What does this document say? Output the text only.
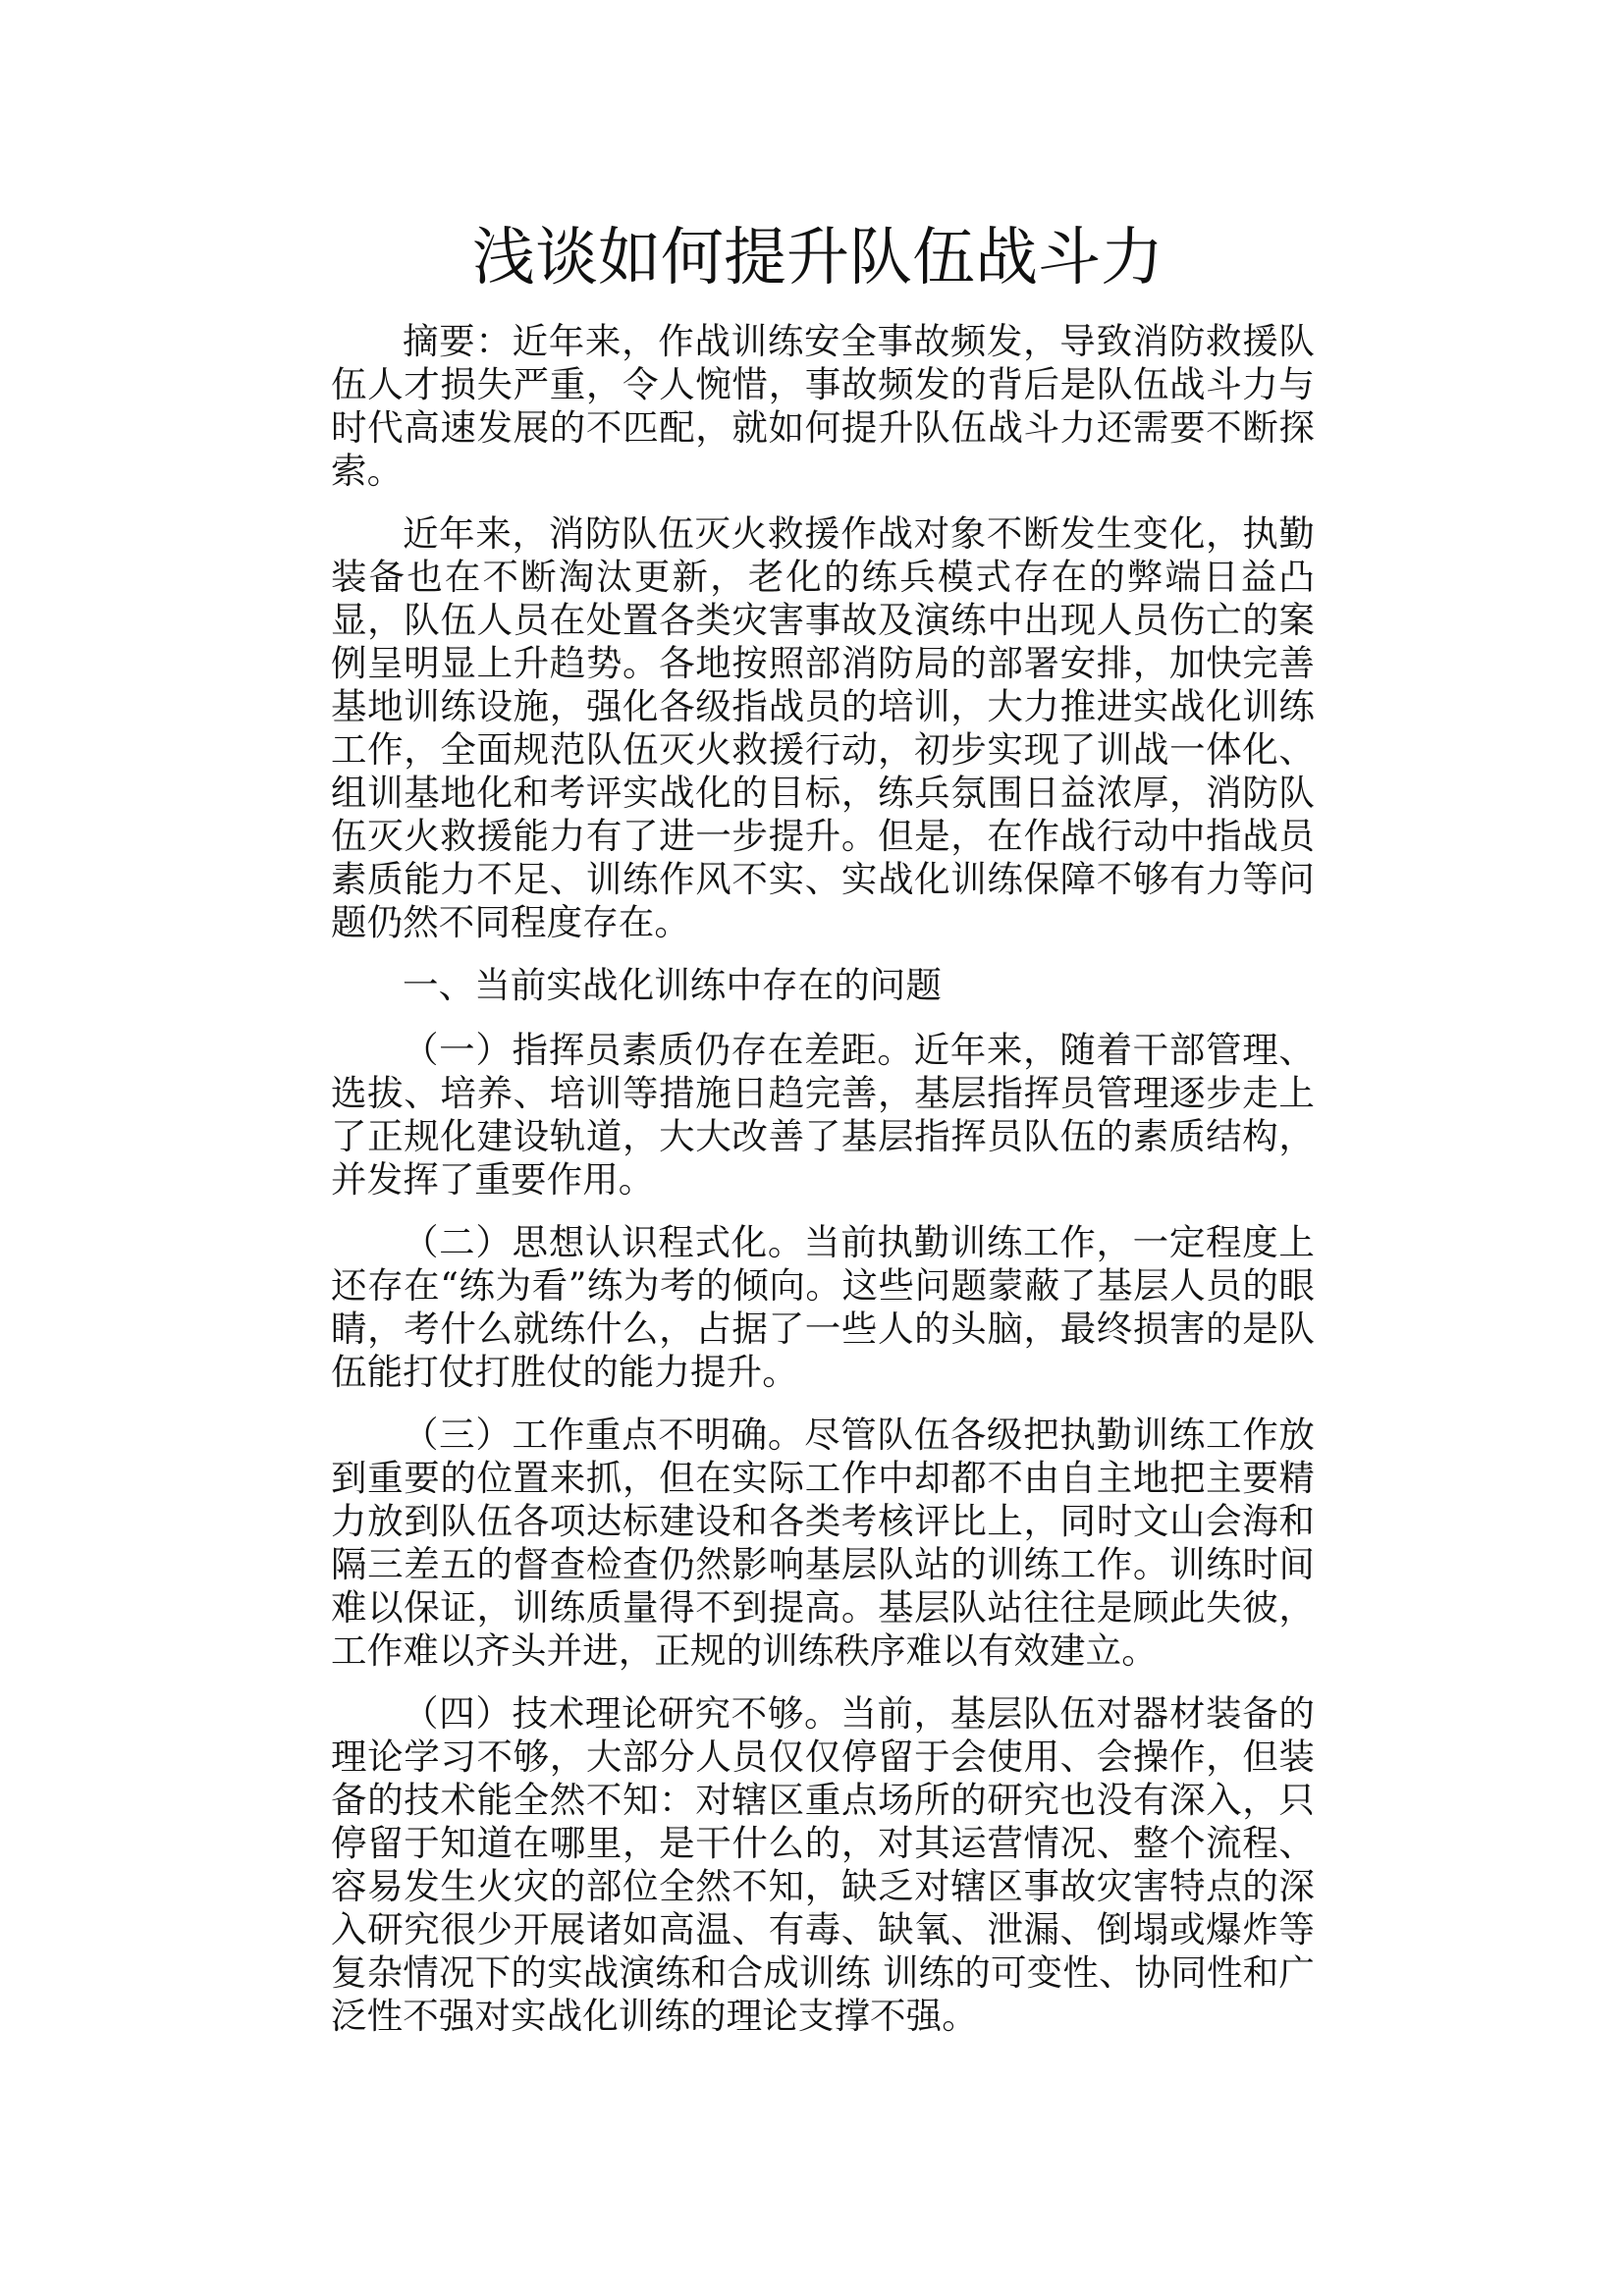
浅谈如何提升队伍战斗力

摘要：近年来，作战训练安全事故频发，导致消防救援队伍人才损失严重，令人惋惜，事故频发的背后是队伍战斗力与时代高速发展的不匹配，就如何提升队伍战斗力还需要不断探索。

近年来，消防队伍灭火救援作战对象不断发生变化，执勤装备也在不断淘汰更新，老化的练兵模式存在的弊端日益凸显，队伍人员在处置各类灾害事故及演练中出现人员伤亡的案例呈明显上升趋势。各地按照部消防局的部署安排，加快完善基地训练设施，强化各级指战员的培训，大力推进实战化训练工作，全面规范队伍灭火救援行动，初步实现了训战一体化、组训基地化和考评实战化的目标，练兵氛围日益浓厚，消防队伍灭火救援能力有了进一步提升。但是，在作战行动中指战员素质能力不足、训练作风不实、实战化训练保障不够有力等问题仍然不同程度存在。

一、当前实战化训练中存在的问题

（一）指挥员素质仍存在差距。近年来，随着干部管理、选拔、培养、培训等措施日趋完善，基层指挥员管理逐步走上了正规化建设轨道，大大改善了基层指挥员队伍的素质结构，并发挥了重要作用。

（二）思想认识程式化。当前执勤训练工作，一定程度上还存在“练为看”练为考的倾向。这些问题蒙蔽了基层人员的眼睛，考什么就练什么，占据了一些人的头脑，最终损害的是队伍能打仗打胜仗的能力提升。

（三）工作重点不明确。尽管队伍各级把执勤训练工作放到重要的位置来抓，但在实际工作中却都不由自主地把主要精力放到队伍各项达标建设和各类考核评比上，同时文山会海和隔三差五的督查检查仍然影响基层队站的训练工作。训练时间难以保证，训练质量得不到提高。基层队站往往是顾此失彼，工作难以齐头并进，正规的训练秩序难以有效建立。

（四）技术理论研究不够。当前，基层队伍对器材装备的理论学习不够，大部分人员仅仅停留于会使用、会操作，但装备的技术能全然不知：对辖区重点场所的研究也没有深入，只停留于知道在哪里，是干什么的，对其运营情况、整个流程、容易发生火灾的部位全然不知，缺乏对辖区事故灾害特点的深入研究很少开展诸如高温、有毒、缺氧、泄漏、倒塌或爆炸等复杂情况下的实战演练和合成训练 训练的可变性、协同性和广泛性不强对实战化训练的理论支撑不强。
